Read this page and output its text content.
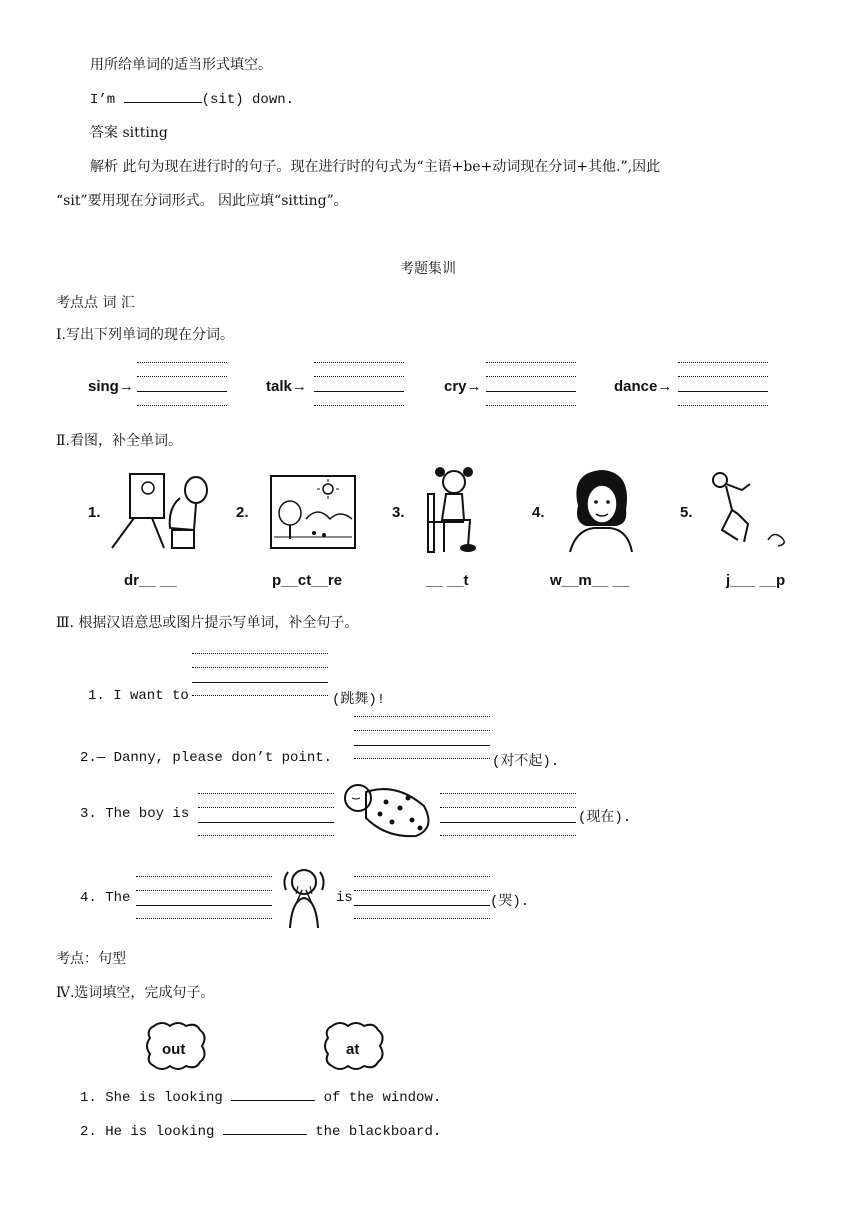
用所给单词的适当形式填空。
I’m	(sit) down.
答案 sitting
解析 此句为现在进行时的句子。现在进行时的句式为“主语+be+动词现在分词+其他.”,因此
“sit”要用现在分词形式。 因此应填“sitting”。
考题集训
考点点 词 汇
Ⅰ.写出下列单词的现在分词。
sing→	talk→	cry→	dance→
Ⅱ.看图，补全单词。
1.	2.	3.	4.	5.
dr__ __	p__ct__re	__ __t	w__m__ __	j___ __p
Ⅲ. 根据汉语意思或图片提示写单词，补全句子。
1. I want to	(跳舞)!
2.— Danny, please don’t point.	(对不起).
3. The boy is	(现在).
4. The	is	(哭).
考点：句型
Ⅳ.选词填空，完成句子。
out	at
1. She is looking	of the window.
2. He is looking	the blackboard.
